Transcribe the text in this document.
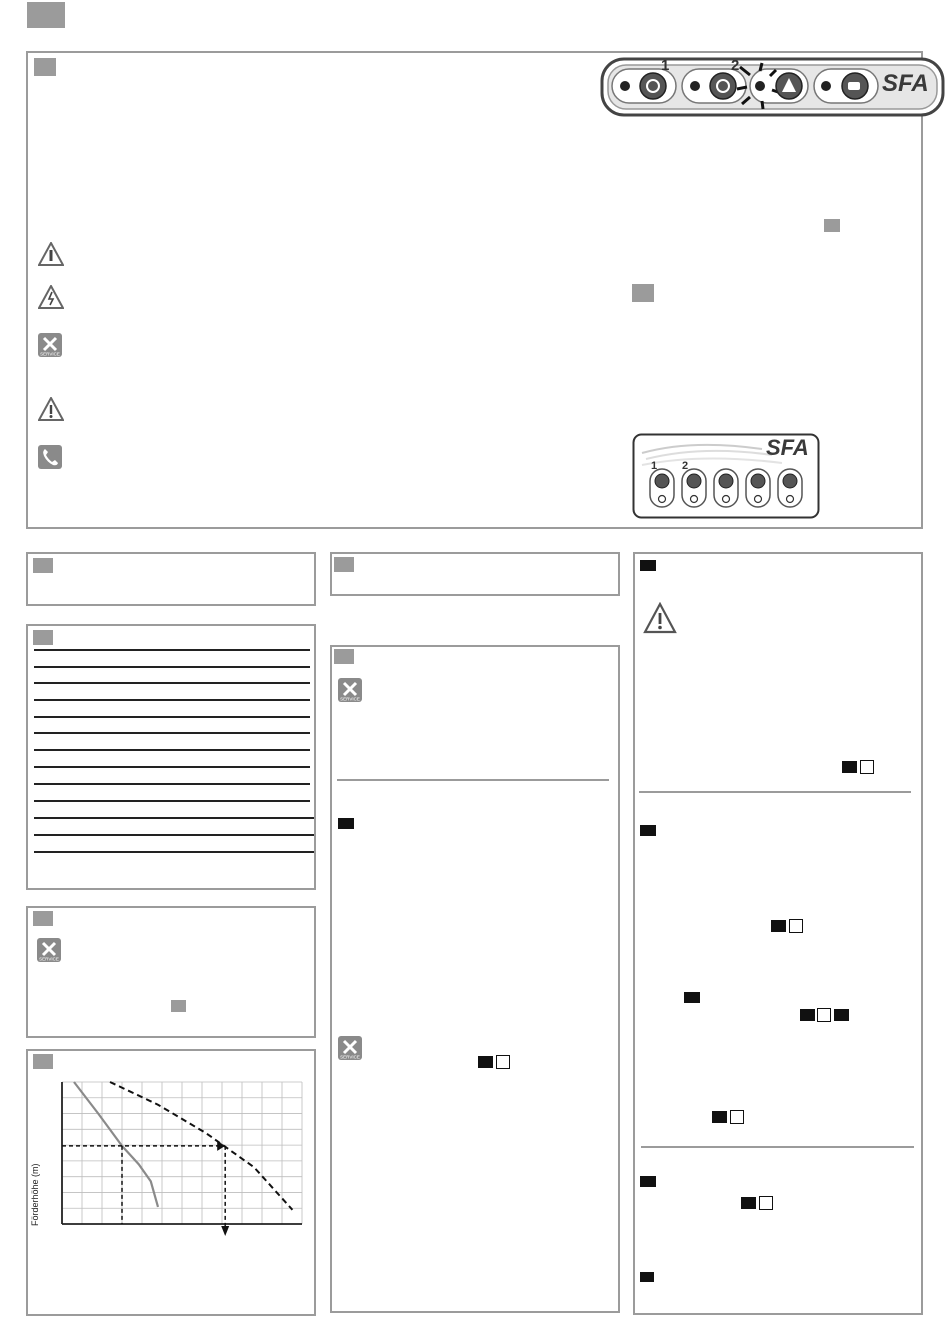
1	2
SFA
SERVICE
SFA
1 2
SERVICE
Förderhöhe (m)
SERVICE
SERVICE
